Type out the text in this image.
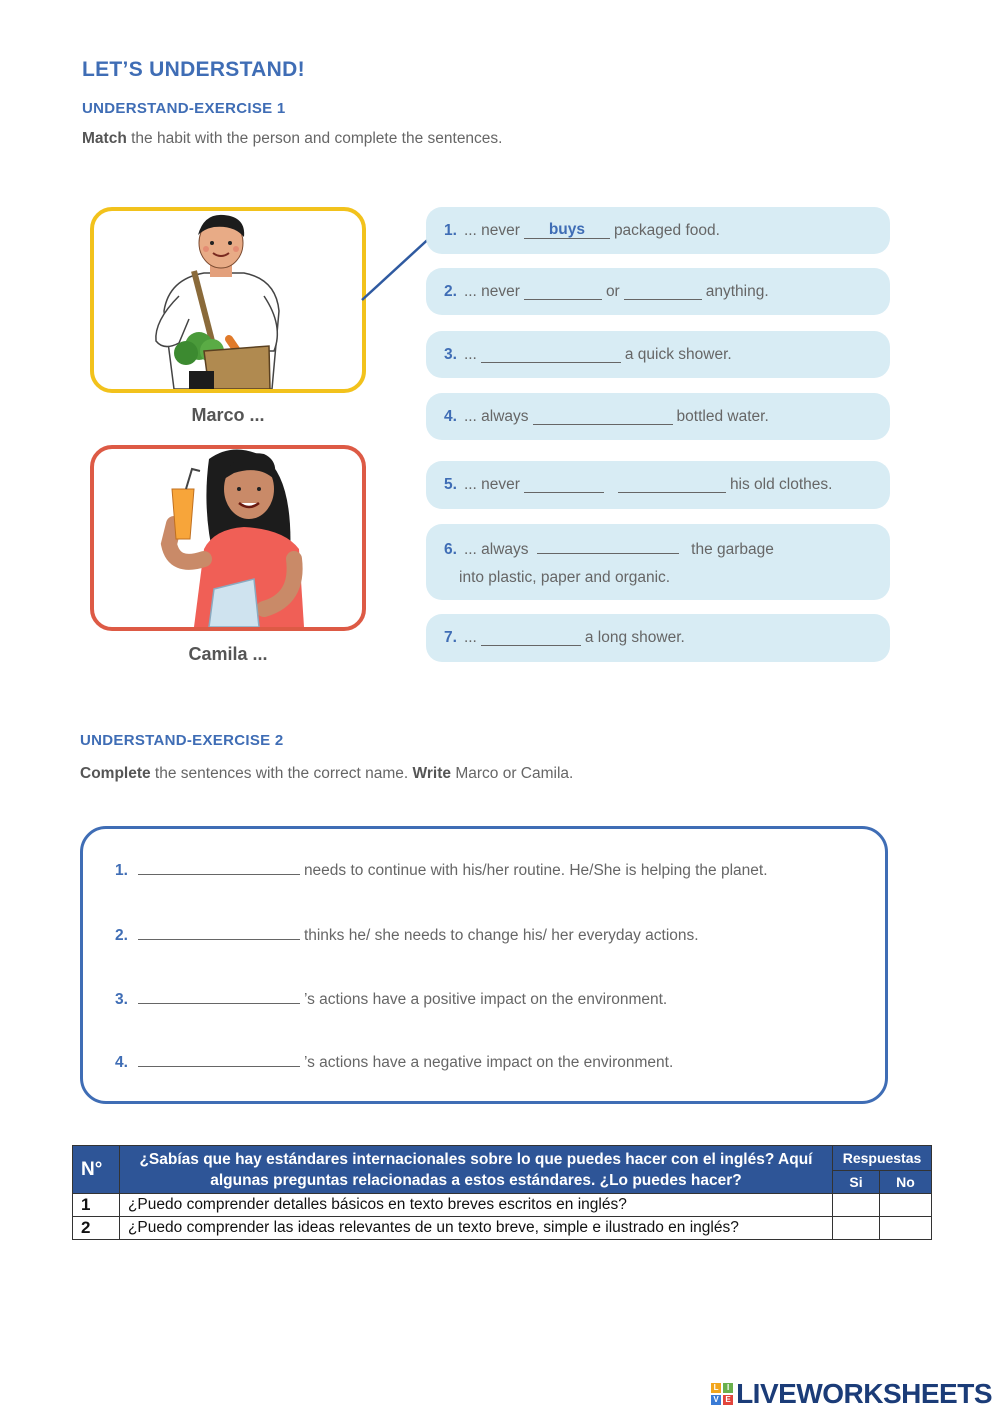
LET’S UNDERSTAND!
UNDERSTAND-EXERCISE 1
Match the habit with the person and complete the sentences.
Marco ...
Camila ...
1. ... never	buys	packaged food.
2. ... never	or	anything.
3. ...	a quick shower.
4. ... always	bottled water.
5. ... never	his old clothes.
6. ... always	the garbage
into plastic, paper and organic.
7. ...	a long shower.
UNDERSTAND-EXERCISE 2
Complete the sentences with the correct name. Write Marco or Camila.
1.	needs to continue with his/her routine. He/She is helping the planet.
2.	thinks he/ she needs to change his/ her everyday actions.
3.	’s actions have a positive impact on the environment.
4.	’s actions have a negative impact on the environment.
N°	¿Sabías que hay estándares internacionales sobre lo que puedes hacer con el inglés? Aquí algunas preguntas relacionadas a estos estándares. ¿Lo puedes hacer?	Respuestas	
		Si	No
1	¿Puedo comprender detalles básicos en texto breves escritos en inglés?		
2	¿Puedo comprender las ideas relevantes de un texto breve, simple e ilustrado en inglés?		
L	I
V E LIVEWORKSHEETS
